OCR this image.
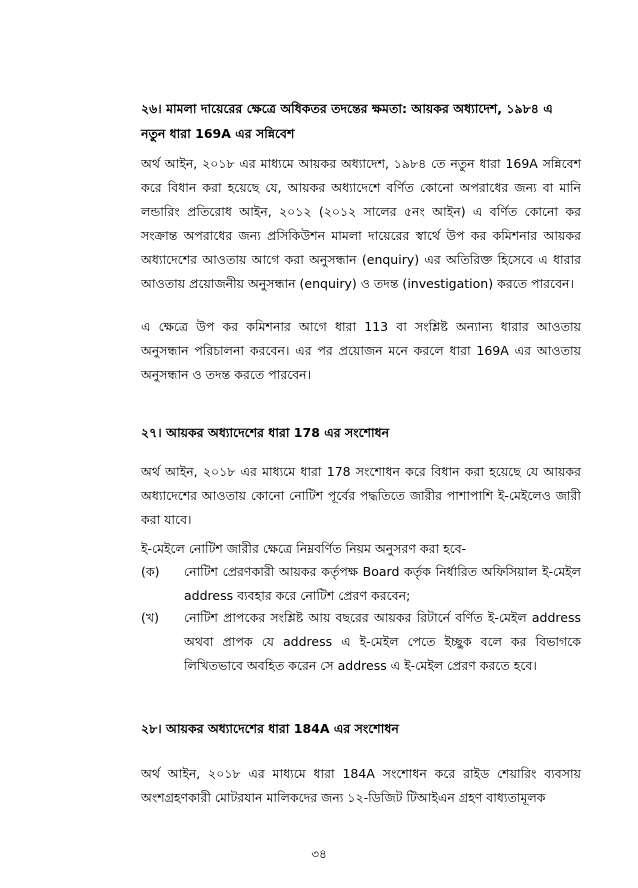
২৬। মামলা দায়েরের ক্ষেত্রে অধিকতর তদন্তের ক্ষমতা: আয়কর অধ্যাদেশ, ১৯৮৪ এ নতুন ধারা 169A এর সন্নিবেশ

অর্থ আইন, ২০১৮ এর মাধ্যমে আয়কর অধ্যাদেশ, ১৯৮৪ তে নতুন ধারা 169A সন্নিবেশ করে বিধান করা হয়েছে যে, আয়কর অধ্যাদেশে বর্ণিত কোনো অপরাধের জন্য বা মানি লন্ডারিং প্রতিরোধ আইন, ২০১২ (২০১২ সালের ৫নং আইন) এ বর্ণিত কোনো কর সংক্রান্ত অপরাধের জন্য প্রসিকিউশন মামলা দায়েরের স্বার্থে উপ কর কমিশনার আয়কর অধ্যাদেশের আওতায় আগে করা অনুসন্ধান (enquiry) এর অতিরিক্ত হিসেবে এ ধারার আওতায় প্রয়োজনীয় অনুসন্ধান (enquiry) ও তদন্ত (investigation) করতে পারবেন।

এ ক্ষেত্রে উপ কর কমিশনার আগে ধারা 113 বা সংশ্লিষ্ট অন্যান্য ধারার আওতায় অনুসন্ধান পরিচালনা করবেন। এর পর প্রয়োজন মনে করলে ধারা 169A এর আওতায় অনুসন্ধান ও তদন্ত করতে পারবেন।

২৭। আয়কর অধ্যাদেশের ধারা 178 এর সংশোধন

অর্থ আইন, ২০১৮ এর মাধ্যমে ধারা 178 সংশোধন করে বিধান করা হয়েছে যে আয়কর অধ্যাদেশের আওতায় কোনো নোটিশ পূর্বের পদ্ধতিতে জারীর পাশাপাশি ই-মেইলেও জারী করা যাবে।

ই-মেইলে নোটিশ জারীর ক্ষেত্রে নিম্নবর্ণিত নিয়ম অনুসরণ করা হবে-

(ক)	নোটিশ প্রেরণকারী আয়কর কর্তৃপক্ষ Board কর্তৃক নির্ধারিত অফিসিয়াল ই-মেইল address ব্যবহার করে নোটিশ প্রেরণ করবেন;
(খ)	নোটিশ প্রাপকের সংশ্লিষ্ট আয় বছরের আয়কর রিটার্নে বর্ণিত ই-মেইল address অথবা প্রাপক যে address এ ই-মেইল পেতে ইচ্ছুক বলে কর বিভাগকে লিখিতভাবে অবহিত করেন সে address এ ই-মেইল প্রেরণ করতে হবে।
২৮। আয়কর অধ্যাদেশের ধারা 184A এর সংশোধন

অর্থ আইন, ২০১৮ এর মাধ্যমে ধারা 184A সংশোধন করে রাইড শেয়ারিং ব্যবসায় অংশগ্রহণকারী মোটরযান মালিকদের জন্য ১২-ডিজিট টিআইএন গ্রহণ বাধ্যতামূলক

৩৪
